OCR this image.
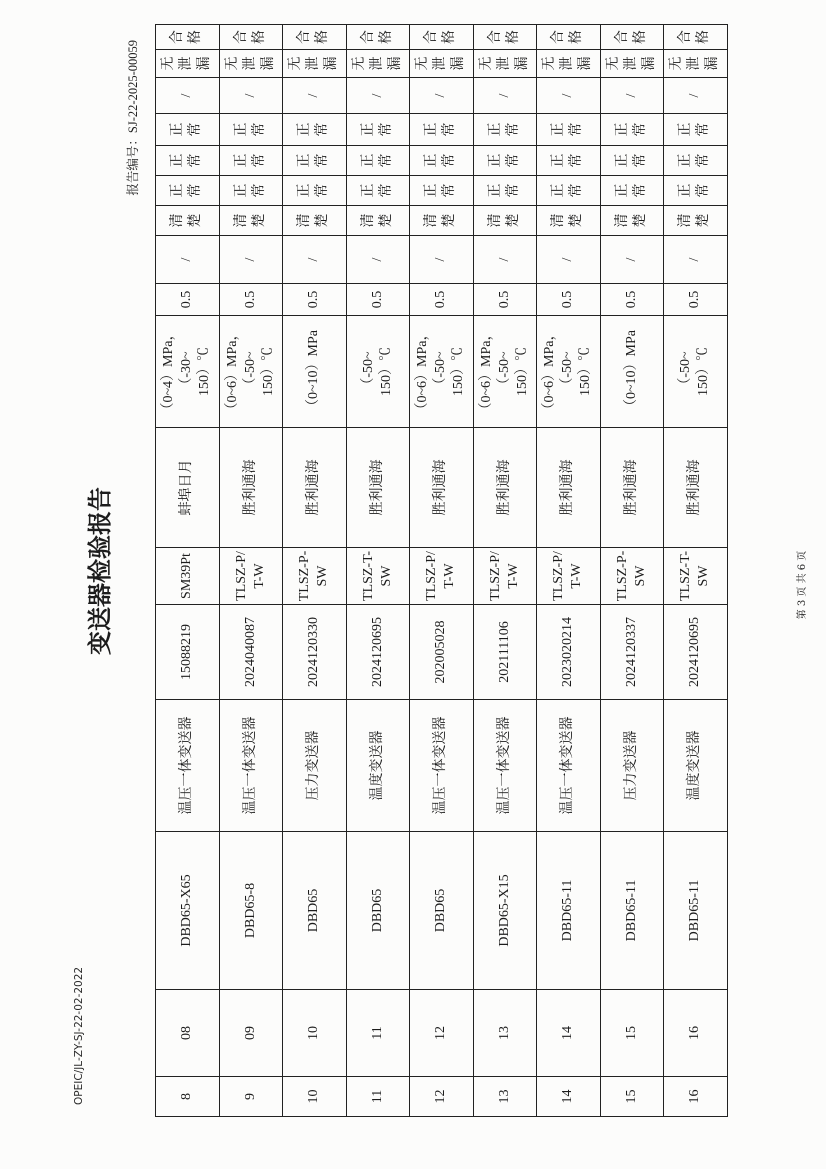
OPEIC/JL-ZY-SJ-22-02-2022
变送器检验报告
报告编号：SJ-22-2025-00059
8	08	DBD65-X65	温压一体变送器	15088219	SM39Pt	蚌埠日月	（0~4）MPa，
（-30~
150）℃	0.5	/	清楚	正常	正常	正常	/	无泄漏	合格
9	09	DBD65-8	温压一体变送器	2024040087	TLSZ-P/
T-W	胜利通海	（0~6）MPa，
（-50~
150）℃	0.5	/	清楚	正常	正常	正常	/	无泄漏	合格
10	10	DBD65	压力变送器	2024120330	TLSZ-P-
SW	胜利通海	（0~10）MPa	0.5	/	清楚	正常	正常	正常	/	无泄漏	合格
11	11	DBD65	温度变送器	2024120695	TLSZ-T-
SW	胜利通海	（-50~
150）℃	0.5	/	清楚	正常	正常	正常	/	无泄漏	合格
12	12	DBD65	温压一体变送器	202005028	TLSZ-P/
T-W	胜利通海	（0~6）MPa，
（-50~
150）℃	0.5	/	清楚	正常	正常	正常	/	无泄漏	合格
13	13	DBD65-X15	温压一体变送器	202111106	TLSZ-P/
T-W	胜利通海	（0~6）MPa，
（-50~
150）℃	0.5	/	清楚	正常	正常	正常	/	无泄漏	合格
14	14	DBD65-11	温压一体变送器	2023020214	TLSZ-P/
T-W	胜利通海	（0~6）MPa，
（-50~
150）℃	0.5	/	清楚	正常	正常	正常	/	无泄漏	合格
15	15	DBD65-11	压力变送器	2024120337	TLSZ-P-
SW	胜利通海	（0~10）MPa	0.5	/	清楚	正常	正常	正常	/	无泄漏	合格
16	16	DBD65-11	温度变送器	2024120695	TLSZ-T-
SW	胜利通海	（-50~
150）℃	0.5	/	清楚	正常	正常	正常	/	无泄漏	合格
第 3 页 共 6 页
